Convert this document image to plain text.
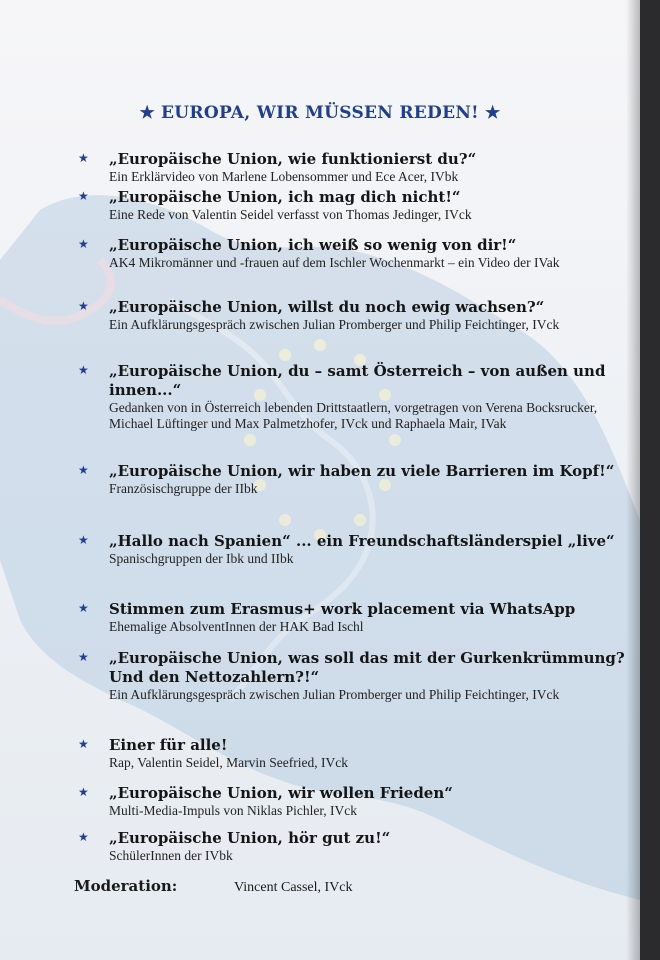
★ EUROPA, WIR MÜSSEN REDEN! ★
★ „Europäische Union, wie funktionierst du?“
Ein Erklärvideo von Marlene Lobensommer und Ece Acer, IVbk
★ „Europäische Union, ich mag dich nicht!“
Eine Rede von Valentin Seidel verfasst von Thomas Jedinger, IVck
★ „Europäische Union, ich weiß so wenig von dir!“
AK4 Mikromänner und -frauen auf dem Ischler Wochenmarkt – ein Video der IVak
★ „Europäische Union, willst du noch ewig wachsen?“
Ein Aufklärungsgespräch zwischen Julian Promberger und Philip Feichtinger, IVck
★ „Europäische Union, du – samt Österreich – von außen und innen...“
Gedanken von in Österreich lebenden Drittstaatlern, vorgetragen von Verena Bocksrucker, Michael Lüftinger und Max Palmetzhofer, IVck und Raphaela Mair, IVak
★ „Europäische Union, wir haben zu viele Barrieren im Kopf!“
Französischgruppe der IIbk
★ „Hallo nach Spanien“ ... ein Freundschaftsländerspiel „live“
Spanischgruppen der Ibk und IIbk
★ Stimmen zum Erasmus+ work placement via WhatsApp
Ehemalige AbsolventInnen der HAK Bad Ischl
★ „Europäische Union, was soll das mit der Gurkenkrümmung? Und den Nettozahlern?!“
Ein Aufklärungsgespräch zwischen Julian Promberger und Philip Feichtinger, IVck
★ Einer für alle!
Rap, Valentin Seidel, Marvin Seefried, IVck
★ „Europäische Union, wir wollen Frieden“
Multi-Media-Impuls von Niklas Pichler, IVck
★ „Europäische Union, hör gut zu!“
SchülerInnen der IVbk
Moderation:	Vincent Cassel, IVck
